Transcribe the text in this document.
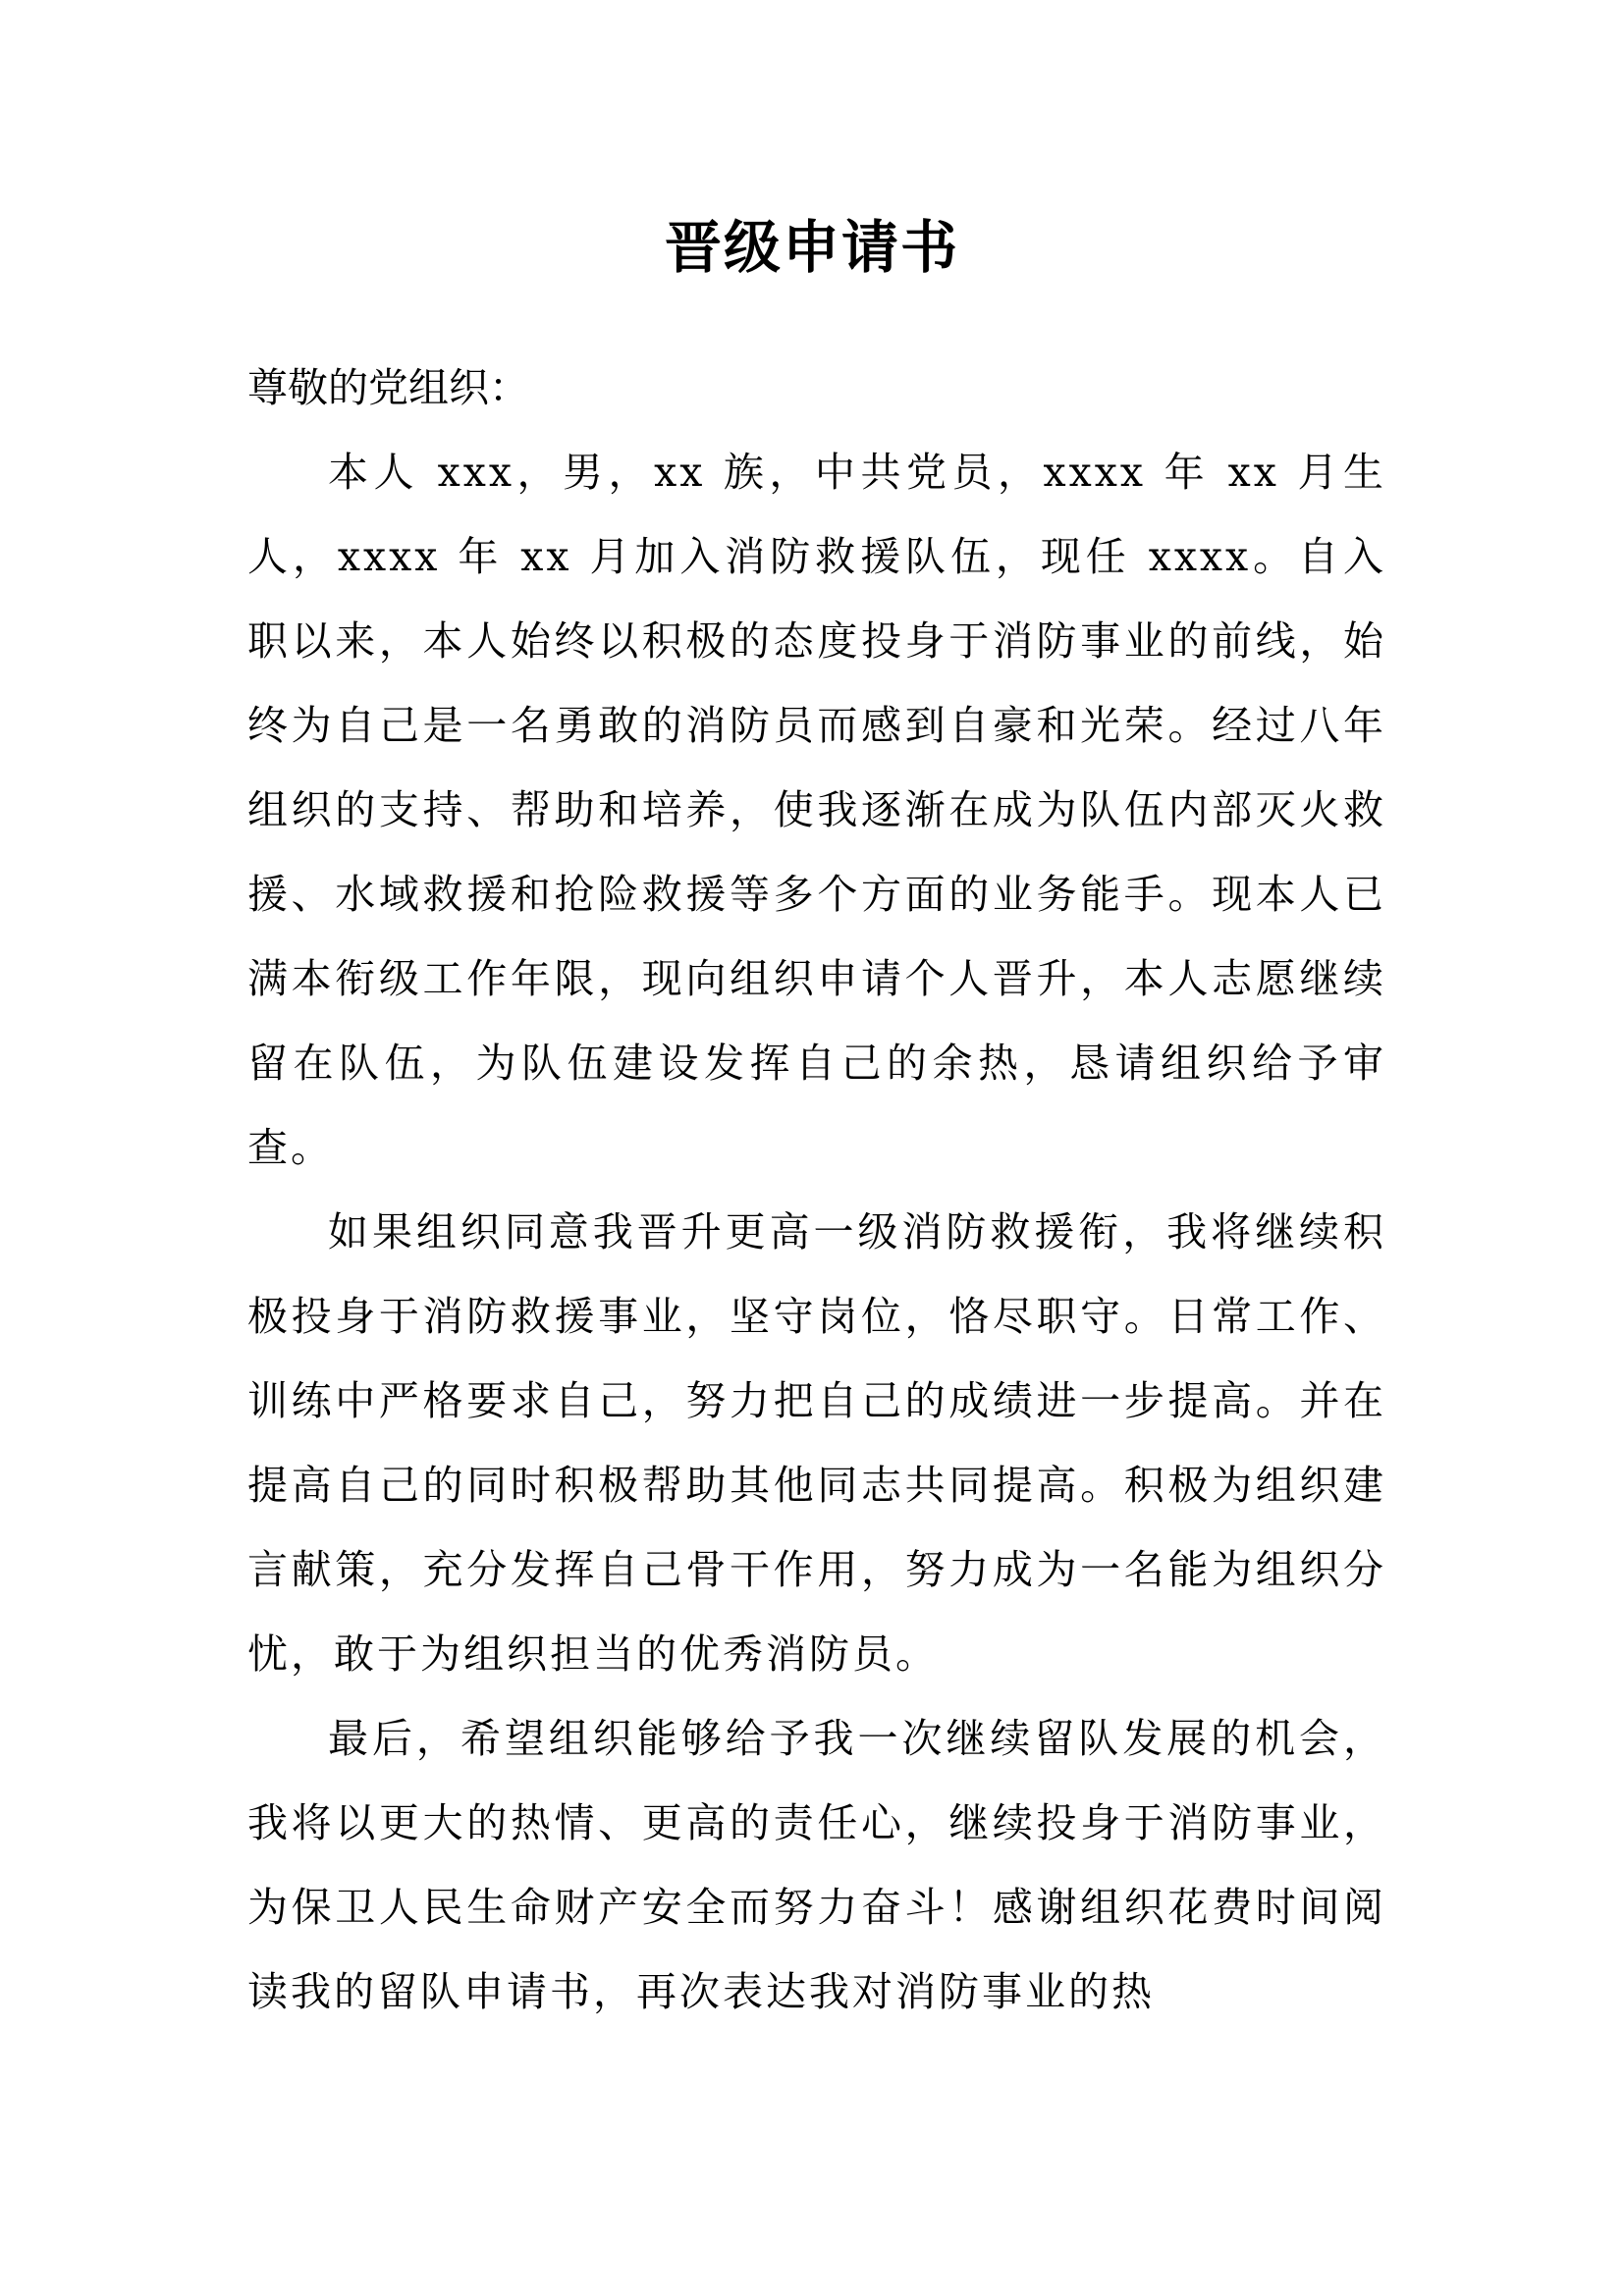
晋级申请书

尊敬的党组织：

本人 xxx，男，xx 族，中共党员，xxxx 年 xx 月生人，xxxx 年 xx 月加入消防救援队伍，现任 xxxx。自入职以来，本人始终以积极的态度投身于消防事业的前线，始终为自己是一名勇敢的消防员而感到自豪和光荣。经过八年组织的支持、帮助和培养，使我逐渐在成为队伍内部灭火救援、水域救援和抢险救援等多个方面的业务能手。现本人已满本衔级工作年限，现向组织申请个人晋升，本人志愿继续留在队伍，为队伍建设发挥自己的余热，恳请组织给予审查。

如果组织同意我晋升更高一级消防救援衔，我将继续积极投身于消防救援事业，坚守岗位，恪尽职守。日常工作、训练中严格要求自己，努力把自己的成绩进一步提高。并在提高自己的同时积极帮助其他同志共同提高。积极为组织建言献策，充分发挥自己骨干作用，努力成为一名能为组织分忧，敢于为组织担当的优秀消防员。

最后，希望组织能够给予我一次继续留队发展的机会，我将以更大的热情、更高的责任心，继续投身于消防事业，为保卫人民生命财产安全而努力奋斗！感谢组织花费时间阅读我的留队申请书，再次表达我对消防事业的热
